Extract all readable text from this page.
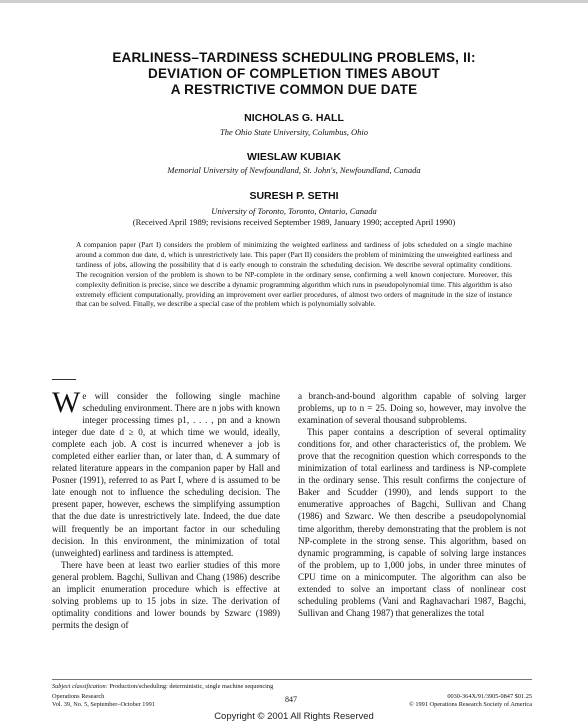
EARLINESS–TARDINESS SCHEDULING PROBLEMS, II:
DEVIATION OF COMPLETION TIMES ABOUT
A RESTRICTIVE COMMON DUE DATE
NICHOLAS G. HALL
The Ohio State University, Columbus, Ohio
WIESLAW KUBIAK
Memorial University of Newfoundland, St. John's, Newfoundland, Canada
SURESH P. SETHI
University of Toronto, Toronto, Ontario, Canada
(Received April 1989; revisions received September 1989, January 1990; accepted April 1990)
A companion paper (Part I) considers the problem of minimizing the weighted earliness and tardiness of jobs scheduled on a single machine around a common due date, d, which is unrestrictively late. This paper (Part II) considers the problem of minimizing the unweighted earliness and tardiness of jobs, allowing the possibility that d is early enough to constrain the scheduling decision. We describe several optimality conditions. The recognition version of the problem is shown to be NP-complete in the ordinary sense, confirming a well known conjecture. Moreover, this complexity definition is precise, since we describe a dynamic programming algorithm which runs in pseudopolynomial time. This algorithm is also extremely efficient computationally, providing an improvement over earlier procedures, of almost two orders of magnitude in the size of instance that can be solved. Finally, we describe a special case of the problem which is polynomially solvable.

We will consider the following single machine scheduling environment. There are n jobs with known integer processing times p1, . . . , pn and a known integer due date d ≥ 0, at which time we would, ideally, complete each job. A cost is incurred whenever a job is completed either earlier than, or later than, d. A summary of related literature appears in the companion paper by Hall and Posner (1991), referred to as Part I, where d is assumed to be late enough not to influence the scheduling decision. The present paper, however, eschews the simplifying assumption that the due date is unrestrictively late. Indeed, the due date will frequently be an important factor in our scheduling decision. In this environment, the minimization of total (unweighted) earliness and tardiness is attempted.

There have been at least two earlier studies of this more general problem. Bagchi, Sullivan and Chang (1986) describe an implicit enumeration procedure which is effective at solving problems up to 15 jobs in size. The derivation of optimality conditions and lower bounds by Szwarc (1989) permits the design of

a branch-and-bound algorithm capable of solving larger problems, up to n = 25. Doing so, however, may involve the examination of several thousand subproblems.

This paper contains a description of several optimality conditions for, and other characteristics of, the problem. We prove that the recognition question which corresponds to the minimization of total earliness and tardiness is NP-complete in the ordinary sense. This result confirms the conjecture of Baker and Scudder (1990), and lends support to the enumerative approaches of Bagchi, Sullivan and Chang (1986) and Szwarc. We then describe a pseudopolynomial time algorithm, thereby demonstrating that the problem is not NP-complete in the strong sense. This algorithm, based on dynamic programming, is capable of solving large instances of the problem, up to 1,000 jobs, in under three minutes of CPU time on a minicomputer. The algorithm can also be extended to solve an important class of nonlinear cost scheduling problems (Vani and Raghavachari 1987, Bagchi, Sullivan and Chang 1987) that generalizes the total

Subject classification: Production/scheduling: deterministic, single machine sequencing
Operations Research
Vol. 39, No. 5, September–October 1991	847	0030-364X/91/3905-0847 $01.25
© 1991 Operations Research Society of America
Copyright © 2001 All Rights Reserved
